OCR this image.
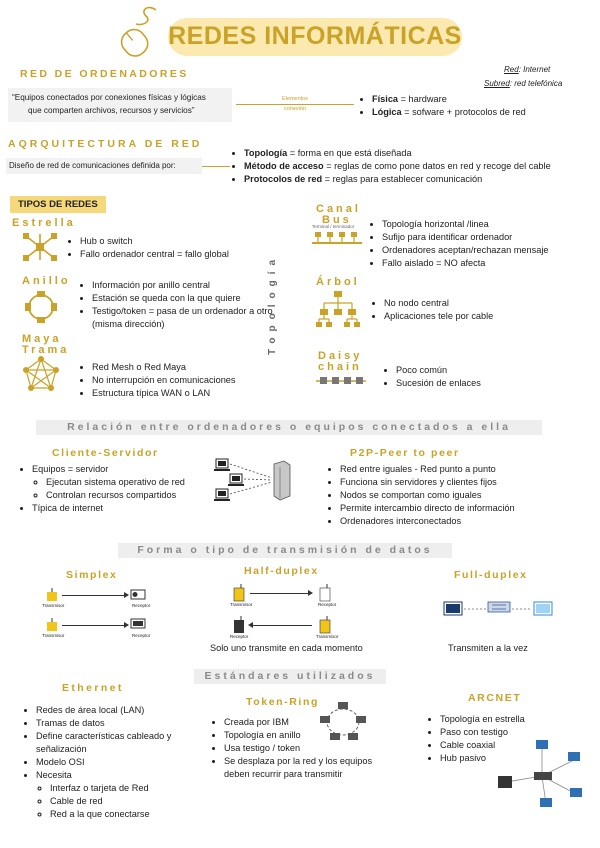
REDES INFORMÁTICAS
RED DE ORDENADORES
“Equipos conectados por conexiones físicas y lógicas
que comparten archivos, recursos y servicios”
Elementos
conexión
• Física = hardware
• Lógica = sofware + protocolos de red
Red: Internet
Subred: red telefónica
AQRQUITECTURA DE RED
Diseño de red de comunicaciones definida por:
• Topología = forma en que está diseñada
• Método de acceso = reglas de como pone datos en red y recoge del cable
• Protocolos de red = reglas para establecer comunicación
TIPOS DE REDES
Estrella
• Hub o switch
• Fallo ordenador central = fallo global
Anillo • Información por anillo central
• Estación se queda con la que quiere
• Testigo/token = pasa de un ordenador a otro (misma dirección)
Maya
Trama
• Red Mesh o Red Maya
• No interrupción en comunicaciones
• Estructura típica WAN o LAN
Topología
Canal
Bus
Terminal / terminador	• Topología horizontal /linea
• Sufijo para identificar ordenador
• Ordenadores aceptan/rechazan mensaje
• Fallo aislado = NO afecta
Árbol
• No nodo central
• Aplicaciones tele por cable
Daisy
chain	• Poco común
• Sucesión de enlaces
Relación entre ordenadores o equipos conectados a ella
Cliente-Servidor
• Equipos = servidor
◦ Ejecutan sistema operativo de red
◦ Controlan recursos compartidos
• Típica de internet
P2P-Peer to peer
• Red entre iguales - Red punto a punto
• Funciona sin servidores y clientes fijos
• Nodos se comportan como iguales
• Permite intercambio directo de información
• Ordenadores interconectados
Forma o tipo de transmisión de datos
Simplex
Transmisor	Receptor
Transmisor	Receptor
Half-duplex
Transmisor	Receptor
Receptor	Transmisor
Solo uno transmite en cada momento
Full-duplex
Transmiten a la vez
Estándares utilizados
Ethernet
• Redes de área local (LAN)
• Tramas de datos
• Define características cableado y señalización
• Modelo OSI
• Necesita
◦ Interfaz o tarjeta de Red
◦ Cable de red
◦ Red a la que conectarse
Token-Ring
• Creada por IBM
• Topología en anillo
• Usa testigo / token
• Se desplaza por la red y los equipos deben recurrir para transmitir
ARCNET
• Topología en estrella
• Paso con testigo
• Cable coaxial
• Hub pasivo
